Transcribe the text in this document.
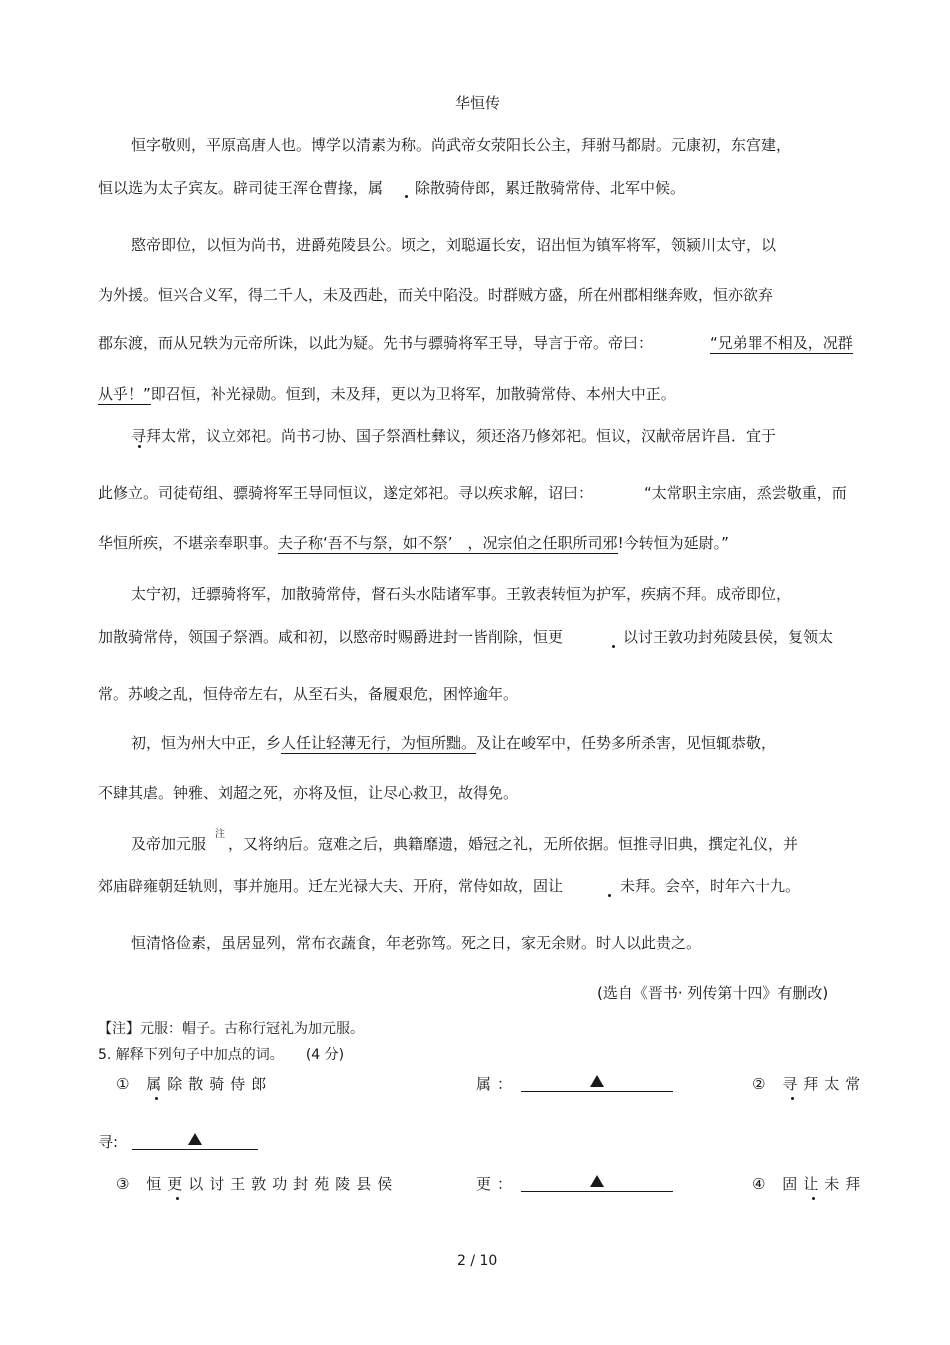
华恒传
恒字敬则，平原高唐人也。博学以清素为称。尚武帝女荥阳长公主，拜驸马都尉。元康初，东宫建，
恒以选为太子宾友。辟司徒王浑仓曹掾，属 除散骑侍郎，累迁散骑常侍、北军中候。
愍帝即位，以恒为尚书，进爵苑陵县公。顷之，刘聪逼长安，诏出恒为镇军将军，领颍川太守，以
为外援。恒兴合义军，得二千人，未及西赴，而关中陷没。时群贼方盛，所在州郡相继奔败，恒亦欲弃
郡东渡，而从兄轶为元帝所诛，以此为疑。先书与骠骑将军王导，导言于帝。帝曰：	“兄弟罪不相及，况群
从乎！”即召恒，补光禄勋。恒到，未及拜，更以为卫将军，加散骑常侍、本州大中正。
寻拜太常，议立郊祀。尚书刁协、国子祭酒杜彝议，须还洛乃修郊祀。恒议，汉献帝居许昌．宜于
此修立。司徒荀组、骠骑将军王导同恒议，遂定郊祀。寻以疾求解，诏曰：	“太常职主宗庙，烝尝敬重，而
华恒所疾，不堪亲奉职事。夫子称‘吾不与祭，如不祭’　，况宗伯之任职所司邪!今转恒为延尉。”
太宁初，迁骠骑将军，加散骑常侍，督石头水陆诸军事。王敦表转恒为护军，疾病不拜。成帝即位，
加散骑常侍，领国子祭酒。咸和初，以愍帝时赐爵进封一皆削除，恒更	以讨王敦功封苑陵县侯，复领太
常。苏峻之乱，恒侍帝左右，从至石头，备履艰危，困悴逾年。
初，恒为州大中正，乡人任让轻薄无行，为恒所黜。及让在峻军中，任势多所杀害，见恒辄恭敬，
不肆其虐。钟雅、刘超之死，亦将及恒，让尽心救卫，故得免。
及帝加元服
注
，又将纳后。寇难之后，典籍靡遗，婚冠之礼，无所依据。恒推寻旧典，撰定礼仪，并
郊庙辟雍朝廷轨则，事并施用。迁左光禄大夫、开府，常侍如故，固让	未拜。会卒，时年六十九。
恒清恪俭素，虽居显列，常布衣蔬食，年老弥笃。死之日，家无余财。时人以此贵之。
(选自《晋书· 列传第十四》有删改)
【注】元服：帽子。古称行冠礼为加元服。
5. 解释下列句子中加点的词。 (4 分)
① 属除散骑侍郎	属：	② 寻拜太常
寻:
③ 恒更以讨王敦功封苑陵县侯	更：	④ 固让未拜
2 / 10
